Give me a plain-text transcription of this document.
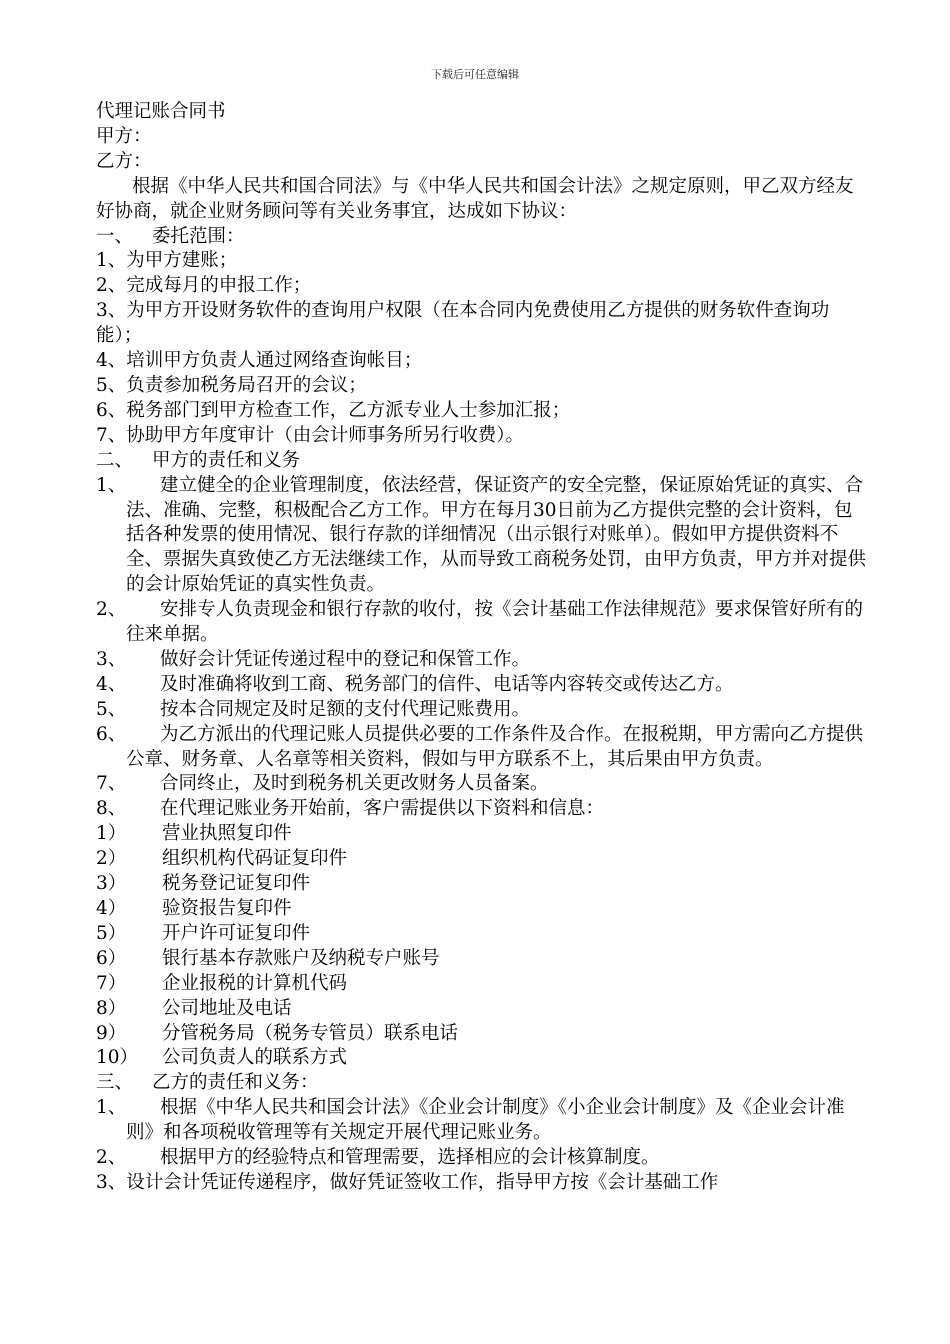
下载后可任意编辑
代理记账合同书
甲方：
乙方：
根据《中华人民共和国合同法》与《中华人民共和国会计法》之规定原则，甲乙双方经友好协商，就企业财务顾问等有关业务事宜，达成如下协议：
一、 委托范围：
1、为甲方建账；
2、完成每月的申报工作；
3、为甲方开设财务软件的查询用户权限（在本合同内免费使用乙方提供的财务软件查询功能）；
4、培训甲方负责人通过网络查询帐目；
5、负责参加税务局召开的会议；
6、税务部门到甲方检查工作，乙方派专业人士参加汇报；
7、协助甲方年度审计（由会计师事务所另行收费）。
二、 甲方的责任和义务
1、 建立健全的企业管理制度，依法经营，保证资产的安全完整，保证原始凭证的真实、合法、准确、完整，积极配合乙方工作。甲方在每月30日前为乙方提供完整的会计资料，包括各种发票的使用情况、银行存款的详细情况（出示银行对账单）。假如甲方提供资料不全、票据失真致使乙方无法继续工作，从而导致工商税务处罚，由甲方负责，甲方并对提供的会计原始凭证的真实性负责。
2、 安排专人负责现金和银行存款的收付，按《会计基础工作法律规范》要求保管好所有的往来单据。
3、 做好会计凭证传递过程中的登记和保管工作。
4、 及时准确将收到工商、税务部门的信件、电话等内容转交或传达乙方。
5、 按本合同规定及时足额的支付代理记账费用。
6、 为乙方派出的代理记账人员提供必要的工作条件及合作。在报税期，甲方需向乙方提供公章、财务章、人名章等相关资料，假如与甲方联系不上，其后果由甲方负责。
7、 合同终止，及时到税务机关更改财务人员备案。
8、 在代理记账业务开始前，客户需提供以下资料和信息：
1） 营业执照复印件
2） 组织机构代码证复印件
3） 税务登记证复印件
4） 验资报告复印件
5） 开户许可证复印件
6） 银行基本存款账户及纳税专户账号
7） 企业报税的计算机代码
8） 公司地址及电话
9） 分管税务局（税务专管员）联系电话
10） 公司负责人的联系方式
三、 乙方的责任和义务：
1、 根据《中华人民共和国会计法》《企业会计制度》《小企业会计制度》及《企业会计准则》和各项税收管理等有关规定开展代理记账业务。
2、 根据甲方的经验特点和管理需要，选择相应的会计核算制度。
3、设计会计凭证传递程序，做好凭证签收工作，指导甲方按《会计基础工作
